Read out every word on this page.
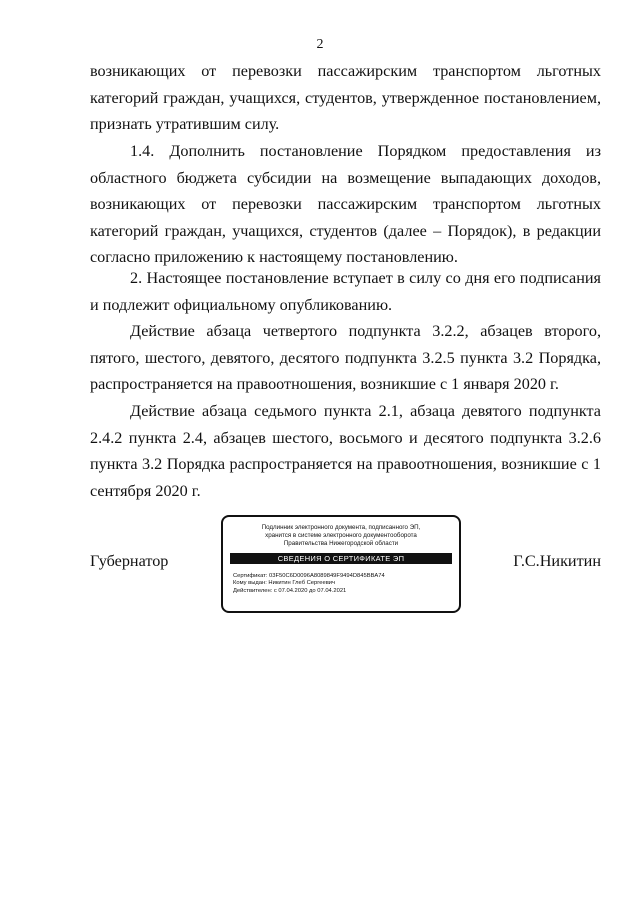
2

возникающих от перевозки пассажирским транспортом льготных категорий граждан, учащихся, студентов, утвержденное постановлением, признать утратившим силу.

1.4. Дополнить постановление Порядком предоставления из областного бюджета субсидии на возмещение выпадающих доходов, возникающих от перевозки пассажирским транспортом льготных категорий граждан, учащихся, студентов (далее – Порядок), в редакции согласно приложению к настоящему постановлению.

2. Настоящее постановление вступает в силу со дня его подписания и подлежит официальному опубликованию.

Действие абзаца четвертого подпункта 3.2.2, абзацев второго, пятого, шестого, девятого, десятого подпункта 3.2.5 пункта 3.2 Порядка, распространяется на правоотношения, возникшие с 1 января 2020 г.

Действие абзаца седьмого пункта 2.1, абзаца девятого подпункта 2.4.2 пункта 2.4, абзацев шестого, восьмого и десятого подпункта 3.2.6 пункта 3.2 Порядка распространяется на правоотношения, возникшие с 1 сентября 2020 г.

Губернатор
Подлинник электронного документа, подписанного ЭП,
хранится в системе электронного документооборота
Правительства Нижегородской области
СВЕДЕНИЯ О СЕРТИФИКАТЕ ЭП
Сертификат: 03F50C6D0096A8089849F9494D845BBA74
Кому выдан: Никитин Глеб Сергеевич
Действителен: с 07.04.2020 до 07.04.2021
Г.С.Никитин
